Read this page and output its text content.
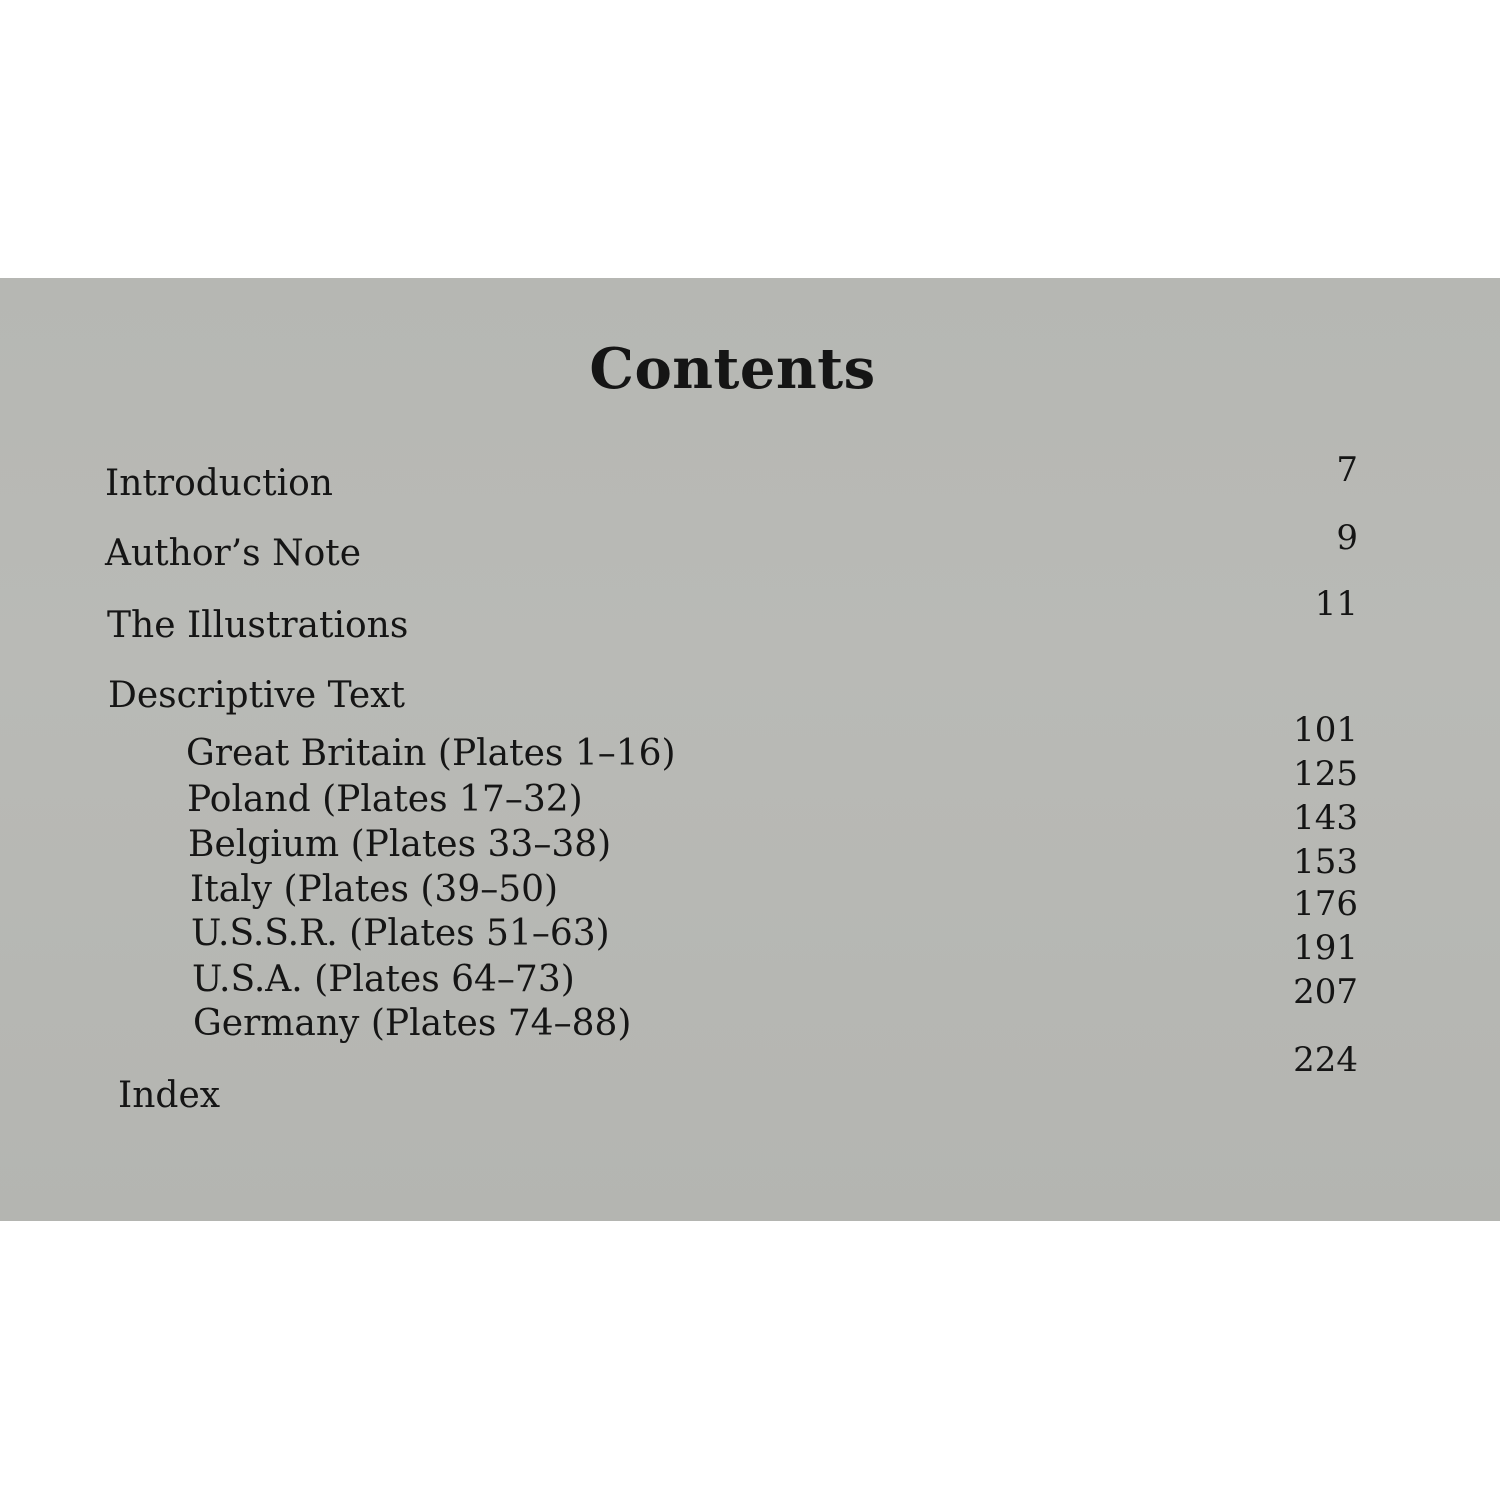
Contents
Introduction
Author’s Note
The Illustrations
Descriptive Text
Great Britain (Plates 1–16)
Poland (Plates 17–32)
Belgium (Plates 33–38)
Italy (Plates (39–50)
U.S.S.R. (Plates 51–63)
U.S.A. (Plates 64–73)
Germany (Plates 74–88)
Index
7
9
11
101
125
143
153
176
191
207
224
